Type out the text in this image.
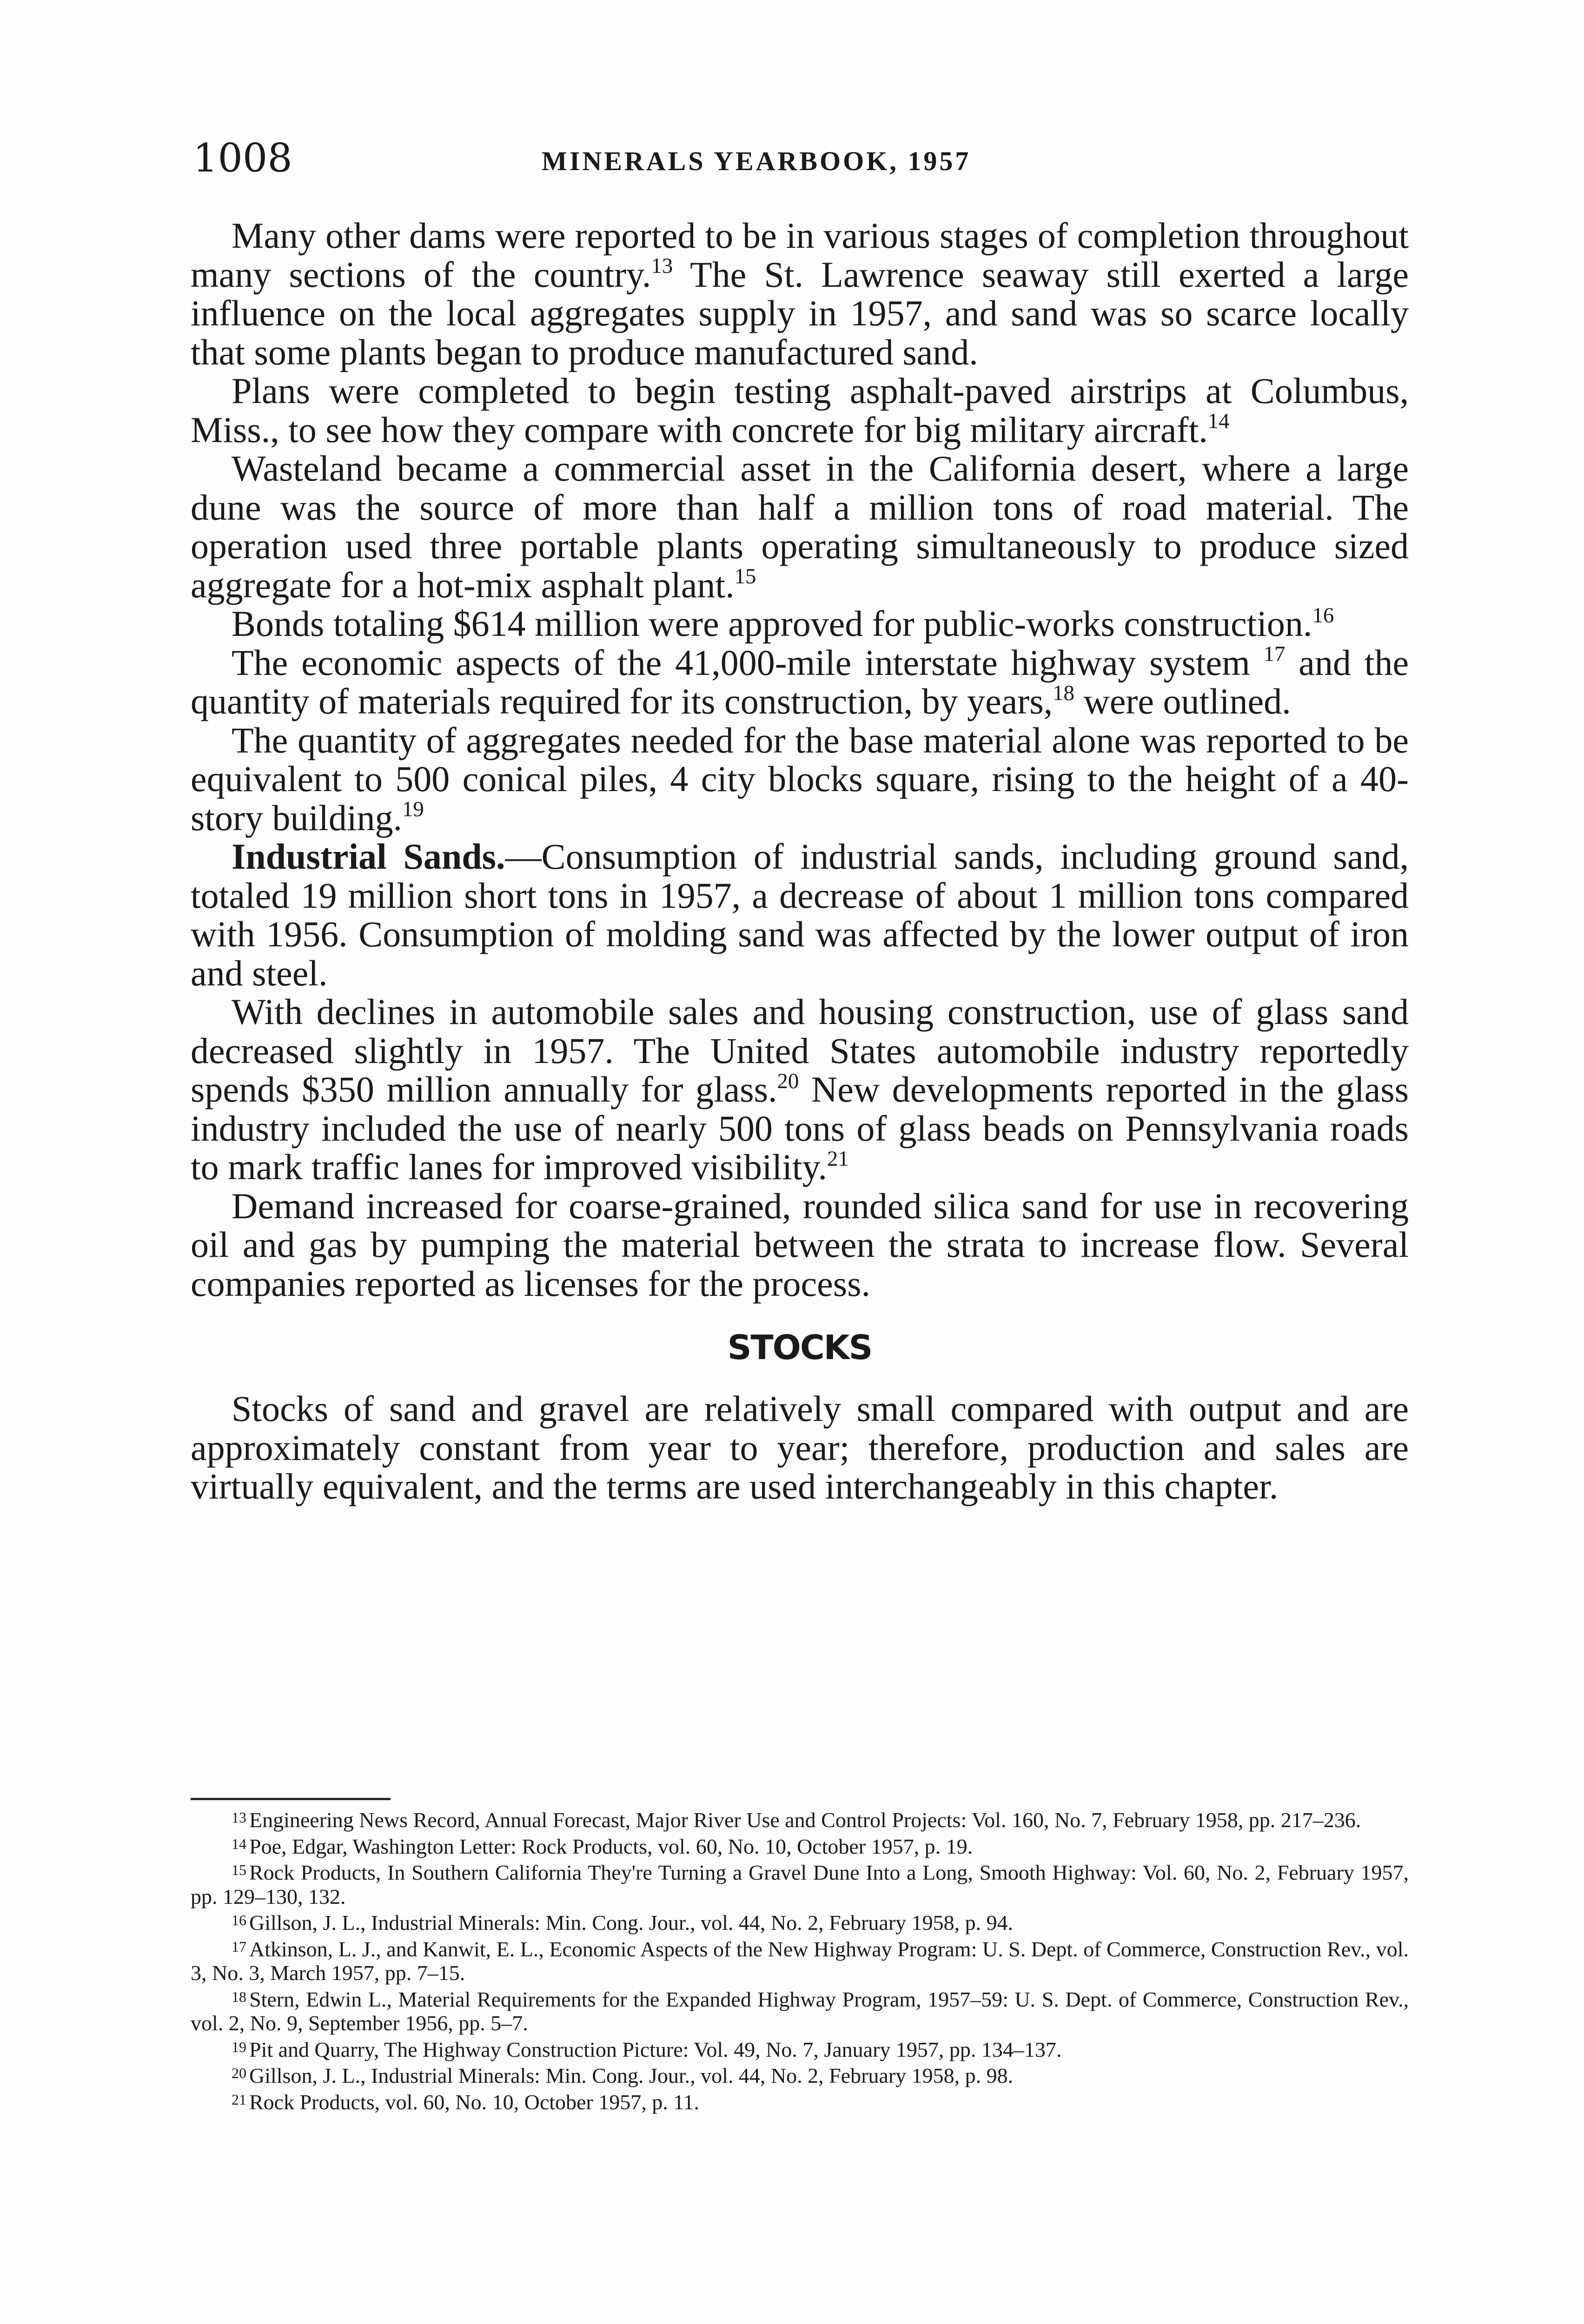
1008	MINERALS YEARBOOK, 1957

Many other dams were reported to be in various stages of completion throughout many sections of the country.$^{13}$ The St. Lawrence seaway still exerted a large influence on the local aggregates supply in 1957, and sand was so scarce locally that some plants began to produce manufactured sand.

Plans were completed to begin testing asphalt-paved airstrips at Columbus, Miss., to see how they compare with concrete for big military aircraft.$^{14}$

Wasteland became a commercial asset in the California desert, where a large dune was the source of more than half a million tons of road material. The operation used three portable plants operating simultaneously to produce sized aggregate for a hot-mix asphalt plant.$^{15}$

Bonds totaling $614 million were approved for public-works construction.$^{16}$

The economic aspects of the 41,000-mile interstate highway system $^{17}$ and the quantity of materials required for its construction, by years,$^{18}$ were outlined.

The quantity of aggregates needed for the base material alone was reported to be equivalent to 500 conical piles, 4 city blocks square, rising to the height of a 40-story building.$^{19}$

Industrial Sands.—Consumption of industrial sands, including ground sand, totaled 19 million short tons in 1957, a decrease of about 1 million tons compared with 1956. Consumption of molding sand was affected by the lower output of iron and steel.

With declines in automobile sales and housing construction, use of glass sand decreased slightly in 1957. The United States automobile industry reportedly spends $350 million annually for glass.$^{20}$ New developments reported in the glass industry included the use of nearly 500 tons of glass beads on Pennsylvania roads to mark traffic lanes for improved visibility.$^{21}$

Demand increased for coarse-grained, rounded silica sand for use in recovering oil and gas by pumping the material between the strata to increase flow. Several companies reported as licenses for the process.

STOCKS

Stocks of sand and gravel are relatively small compared with output and are approximately constant from year to year; therefore, production and sales are virtually equivalent, and the terms are used interchangeably in this chapter.

$^{13}$ Engineering News Record, Annual Forecast, Major River Use and Control Projects: Vol. 160, No. 7, February 1958, pp. 217–236.

$^{14}$ Poe, Edgar, Washington Letter: Rock Products, vol. 60, No. 10, October 1957, p. 19.

$^{15}$ Rock Products, In Southern California They're Turning a Gravel Dune Into a Long, Smooth Highway: Vol. 60, No. 2, February 1957, pp. 129–130, 132.

$^{16}$ Gillson, J. L., Industrial Minerals: Min. Cong. Jour., vol. 44, No. 2, February 1958, p. 94.

$^{17}$ Atkinson, L. J., and Kanwit, E. L., Economic Aspects of the New Highway Program: U. S. Dept. of Commerce, Construction Rev., vol. 3, No. 3, March 1957, pp. 7–15.

$^{18}$ Stern, Edwin L., Material Requirements for the Expanded Highway Program, 1957–59: U. S. Dept. of Commerce, Construction Rev., vol. 2, No. 9, September 1956, pp. 5–7.

$^{19}$ Pit and Quarry, The Highway Construction Picture: Vol. 49, No. 7, January 1957, pp. 134–137.

$^{20}$ Gillson, J. L., Industrial Minerals: Min. Cong. Jour., vol. 44, No. 2, February 1958, p. 98.

$^{21}$ Rock Products, vol. 60, No. 10, October 1957, p. 11.
